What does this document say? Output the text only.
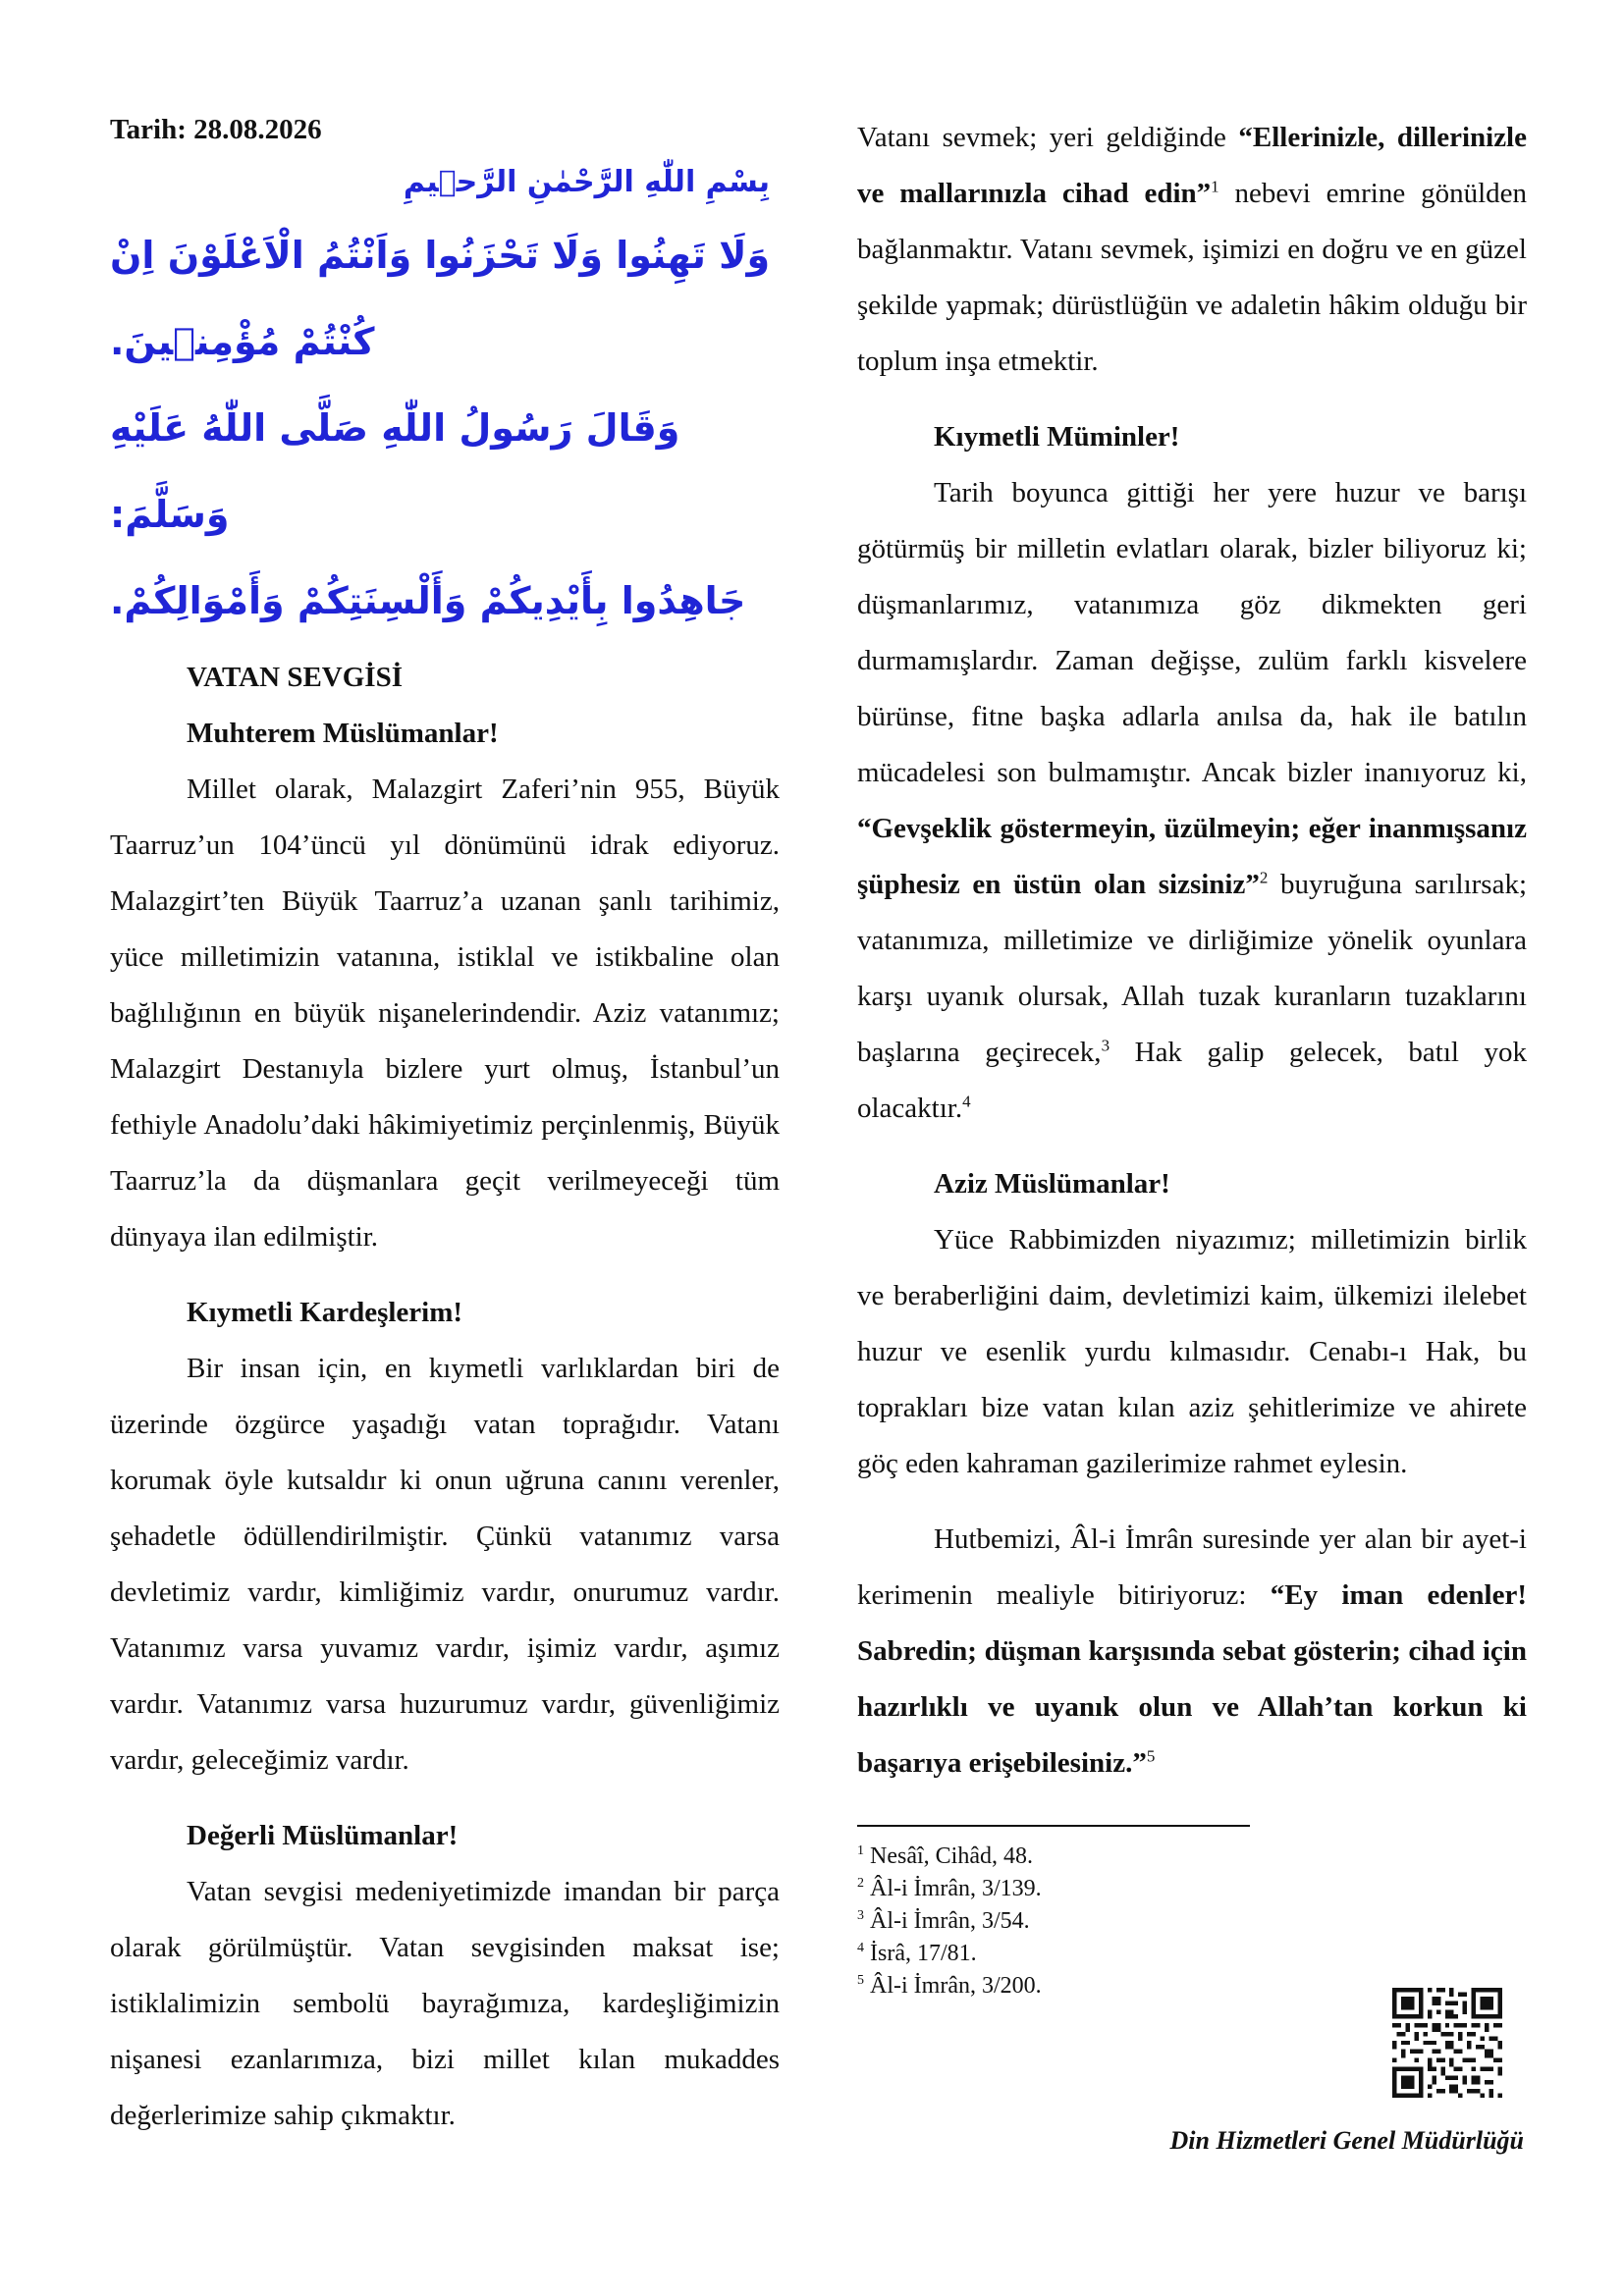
Tarih: 28.08.2026
بِسْمِ اللّٰهِ الرَّحْمٰنِ الرَّحٖيمِ
وَلَا تَهِنُوا وَلَا تَحْزَنُوا وَاَنْتُمُ الْاَعْلَوْنَ اِنْ كُنْتُمْ مُؤْمِنٖينَ.
وَقَالَ رَسُولُ اللّٰهِ صَلَّى اللّٰهُ عَلَيْهِ وَسَلَّمَ:
جَاهِدُوا بِأَيْدِيكُمْ وَأَلْسِنَتِكُمْ وَأَمْوَالِكُمْ.

VATAN SEVGİSİ

Muhterem Müslümanlar!

Millet olarak, Malazgirt Zaferi’nin 955, Büyük Taarruz’un 104’üncü yıl dönümünü idrak ediyoruz. Malazgirt’ten Büyük Taarruz’a uzanan şanlı tarihimiz, yüce milletimizin vatanına, istiklal ve istikbaline olan bağlılığının en büyük nişanelerindendir. Aziz vatanımız; Malazgirt Destanıyla bizlere yurt olmuş, İstanbul’un fethiyle Anadolu’daki hâkimiyetimiz perçinlenmiş, Büyük Taarruz’la da düşmanlara geçit verilmeyeceği tüm dünyaya ilan edilmiştir.

Kıymetli Kardeşlerim!

Bir insan için, en kıymetli varlıklardan biri de üzerinde özgürce yaşadığı vatan toprağıdır. Vatanı korumak öyle kutsaldır ki onun uğruna canını verenler, şehadetle ödüllendirilmiştir. Çünkü vatanımız varsa devletimiz vardır, kimliğimiz vardır, onurumuz vardır. Vatanımız varsa yuvamız vardır, işimiz vardır, aşımız vardır. Vatanımız varsa huzurumuz vardır, güvenliğimiz vardır, geleceğimiz vardır.

Değerli Müslümanlar!

Vatan sevgisi medeniyetimizde imandan bir parça olarak görülmüştür. Vatan sevgisinden maksat ise; istiklalimizin sembolü bayrağımıza, kardeşliğimizin nişanesi ezanlarımıza, bizi millet kılan mukaddes değerlerimize sahip çıkmaktır.

Vatanı sevmek; yeri geldiğinde “Ellerinizle, dillerinizle ve mallarınızla cihad edin”$^1$ nebevi emrine gönülden bağlanmaktır. Vatanı sevmek, işimizi en doğru ve en güzel şekilde yapmak; dürüstlüğün ve adaletin hâkim olduğu bir toplum inşa etmektir.

Kıymetli Müminler!

Tarih boyunca gittiği her yere huzur ve barışı götürmüş bir milletin evlatları olarak, bizler biliyoruz ki; düşmanlarımız, vatanımıza göz dikmekten geri durmamışlardır. Zaman değişse, zulüm farklı kisvelere bürünse, fitne başka adlarla anılsa da, hak ile batılın mücadelesi son bulmamıştır. Ancak bizler inanıyoruz ki, “Gevşeklik göstermeyin, üzülmeyin; eğer inanmışsanız şüphesiz en üstün olan sizsiniz”$^2$ buyruğuna sarılırsak; vatanımıza, milletimize ve dirliğimize yönelik oyunlara karşı uyanık olursak, Allah tuzak kuranların tuzaklarını başlarına geçirecek,$^3$ Hak galip gelecek, batıl yok olacaktır.$^4$

Aziz Müslümanlar!

Yüce Rabbimizden niyazımız; milletimizin birlik ve beraberliğini daim, devletimizi kaim, ülkemizi ilelebet huzur ve esenlik yurdu kılmasıdır. Cenabı-ı Hak, bu toprakları bize vatan kılan aziz şehitlerimize ve ahirete göç eden kahraman gazilerimize rahmet eylesin.

Hutbemizi, Âl-i İmrân suresinde yer alan bir ayet-i kerimenin mealiyle bitiriyoruz: “Ey iman edenler! Sabredin; düşman karşısında sebat gösterin; cihad için hazırlıklı ve uyanık olun ve Allah’tan korkun ki başarıya erişebilesiniz.”$^5$

$^1$ Nesâî, Cihâd, 48.
$^2$ Âl-i İmrân, 3/139.
$^3$ Âl-i İmrân, 3/54.
$^4$ İsrâ, 17/81.
$^5$ Âl-i İmrân, 3/200.
Din Hizmetleri Genel Müdürlüğü
